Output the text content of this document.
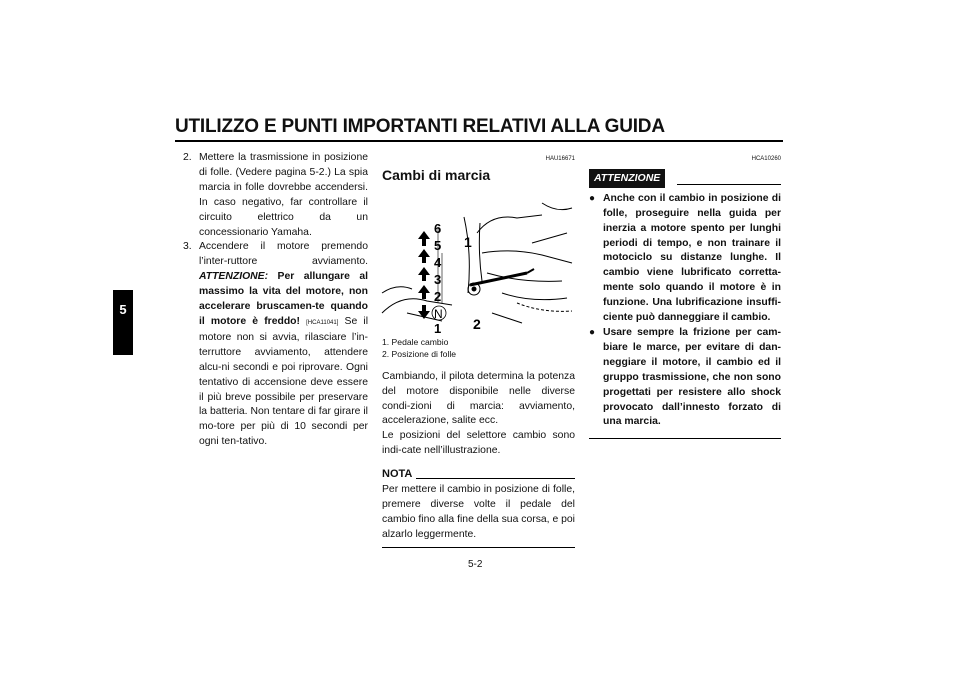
UTILIZZO E PUNTI IMPORTANTI RELATIVI ALLA GUIDA
5
2. Mettere la trasmissione in posizione di folle. (Vedere pagina 5-2.) La spia marcia in folle dovrebbe accendersi. In caso negativo, far controllare il circuito elettrico da un concessionario Yamaha.
3. Accendere il motore premendo l’inter-ruttore avviamento. ATTENZIONE: Per allungare al massimo la vita del motore, non accelerare bruscamen-te quando il motore è freddo! [HCA11041] Se il motore non si avvia, rilasciare l’in-terruttore avviamento, attendere alcu-ni secondi e poi riprovare. Ogni tentativo di accensione deve essere il più breve possibile per preservare la batteria. Non tentare di far girare il mo-tore per più di 10 secondi per ogni ten-tativo.
HAU16671
Cambi di marcia
6
5
4
3
2
N
1
1
2
1. Pedale cambio
2. Posizione di folle
Cambiando, il pilota determina la potenza del motore disponibile nelle diverse condi-zioni di marcia: avviamento, accelerazione, salite ecc.
Le posizioni del selettore cambio sono indi-cate nell’illustrazione.
NOTA
Per mettere il cambio in posizione di folle, premere diverse volte il pedale del cambio fino alla fine della sua corsa, e poi alzarlo leggermente.
HCA10260
ATTENZIONE
● Anche con il cambio in posizione di folle, proseguire nella guida per inerzia a motore spento per lunghi periodi di tempo, e non trainare il motociclo su distanze lunghe. Il cambio viene lubrificato corretta-mente solo quando il motore è in funzione. Una lubrificazione insuffi-ciente può danneggiare il cambio.
● Usare sempre la frizione per cam-biare le marce, per evitare di dan-neggiare il motore, il cambio ed il gruppo trasmissione, che non sono progettati per resistere allo shock provocato dall’innesto forzato di una marcia.
5-2
